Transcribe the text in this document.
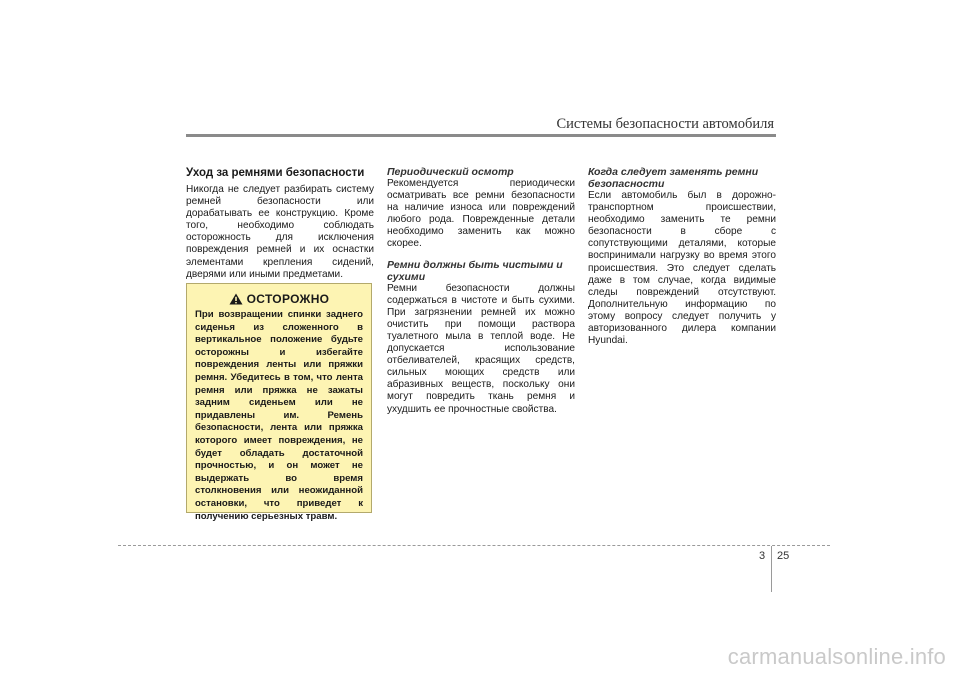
Системы безопасности автомобиля
Уход за ремнями безопасности

Никогда не следует разбирать систему ремней безопасности или дорабатывать ее конструкцию. Кроме того, необходимо соблюдать осторожность для исключения повреждения ремней и их оснастки элементами крепления сидений, дверями или иными предметами.

ОСТОРОЖНО

При возвращении спинки заднего сиденья из сложенного в вертикальное положение будьте осторожны и избегайте повреждения ленты или пряжки ремня. Убедитесь в том, что лента ремня или пряжка не зажаты задним сиденьем или не придавлены им. Ремень безопасности, лента или пряжка которого имеет повреждения, не будет обладать достаточной прочностью, и он может не выдержать во время столкновения или неожиданной остановки, что приведет к получению серьезных травм.

Периодический осмотр

Рекомендуется периодически осматривать все ремни безопасности на наличие износа или повреждений любого рода. Поврежденные детали необходимо заменить как можно скорее.

Ремни должны быть чистыми и сухими

Ремни безопасности должны содержаться в чистоте и быть сухими. При загрязнении ремней их можно очистить при помощи раствора туалетного мыла в теплой воде. Не допускается использование отбеливателей, красящих средств, сильных моющих средств или абразивных веществ, поскольку они могут повредить ткань ремня и ухудшить ее прочностные свойства.

Когда следует заменять ремни безопасности

Если автомобиль был в дорожно-транспортном происшествии, необходимо заменить те ремни безопасности в сборе с сопутствующими деталями, которые воспринимали нагрузку во время этого происшествия. Это следует сделать даже в том случае, когда видимые следы повреждений отсутствуют. Дополнительную информацию по этому вопросу следует получить у авторизованного дилера компании Hyundai.

3 25
carmanualsonline.info
